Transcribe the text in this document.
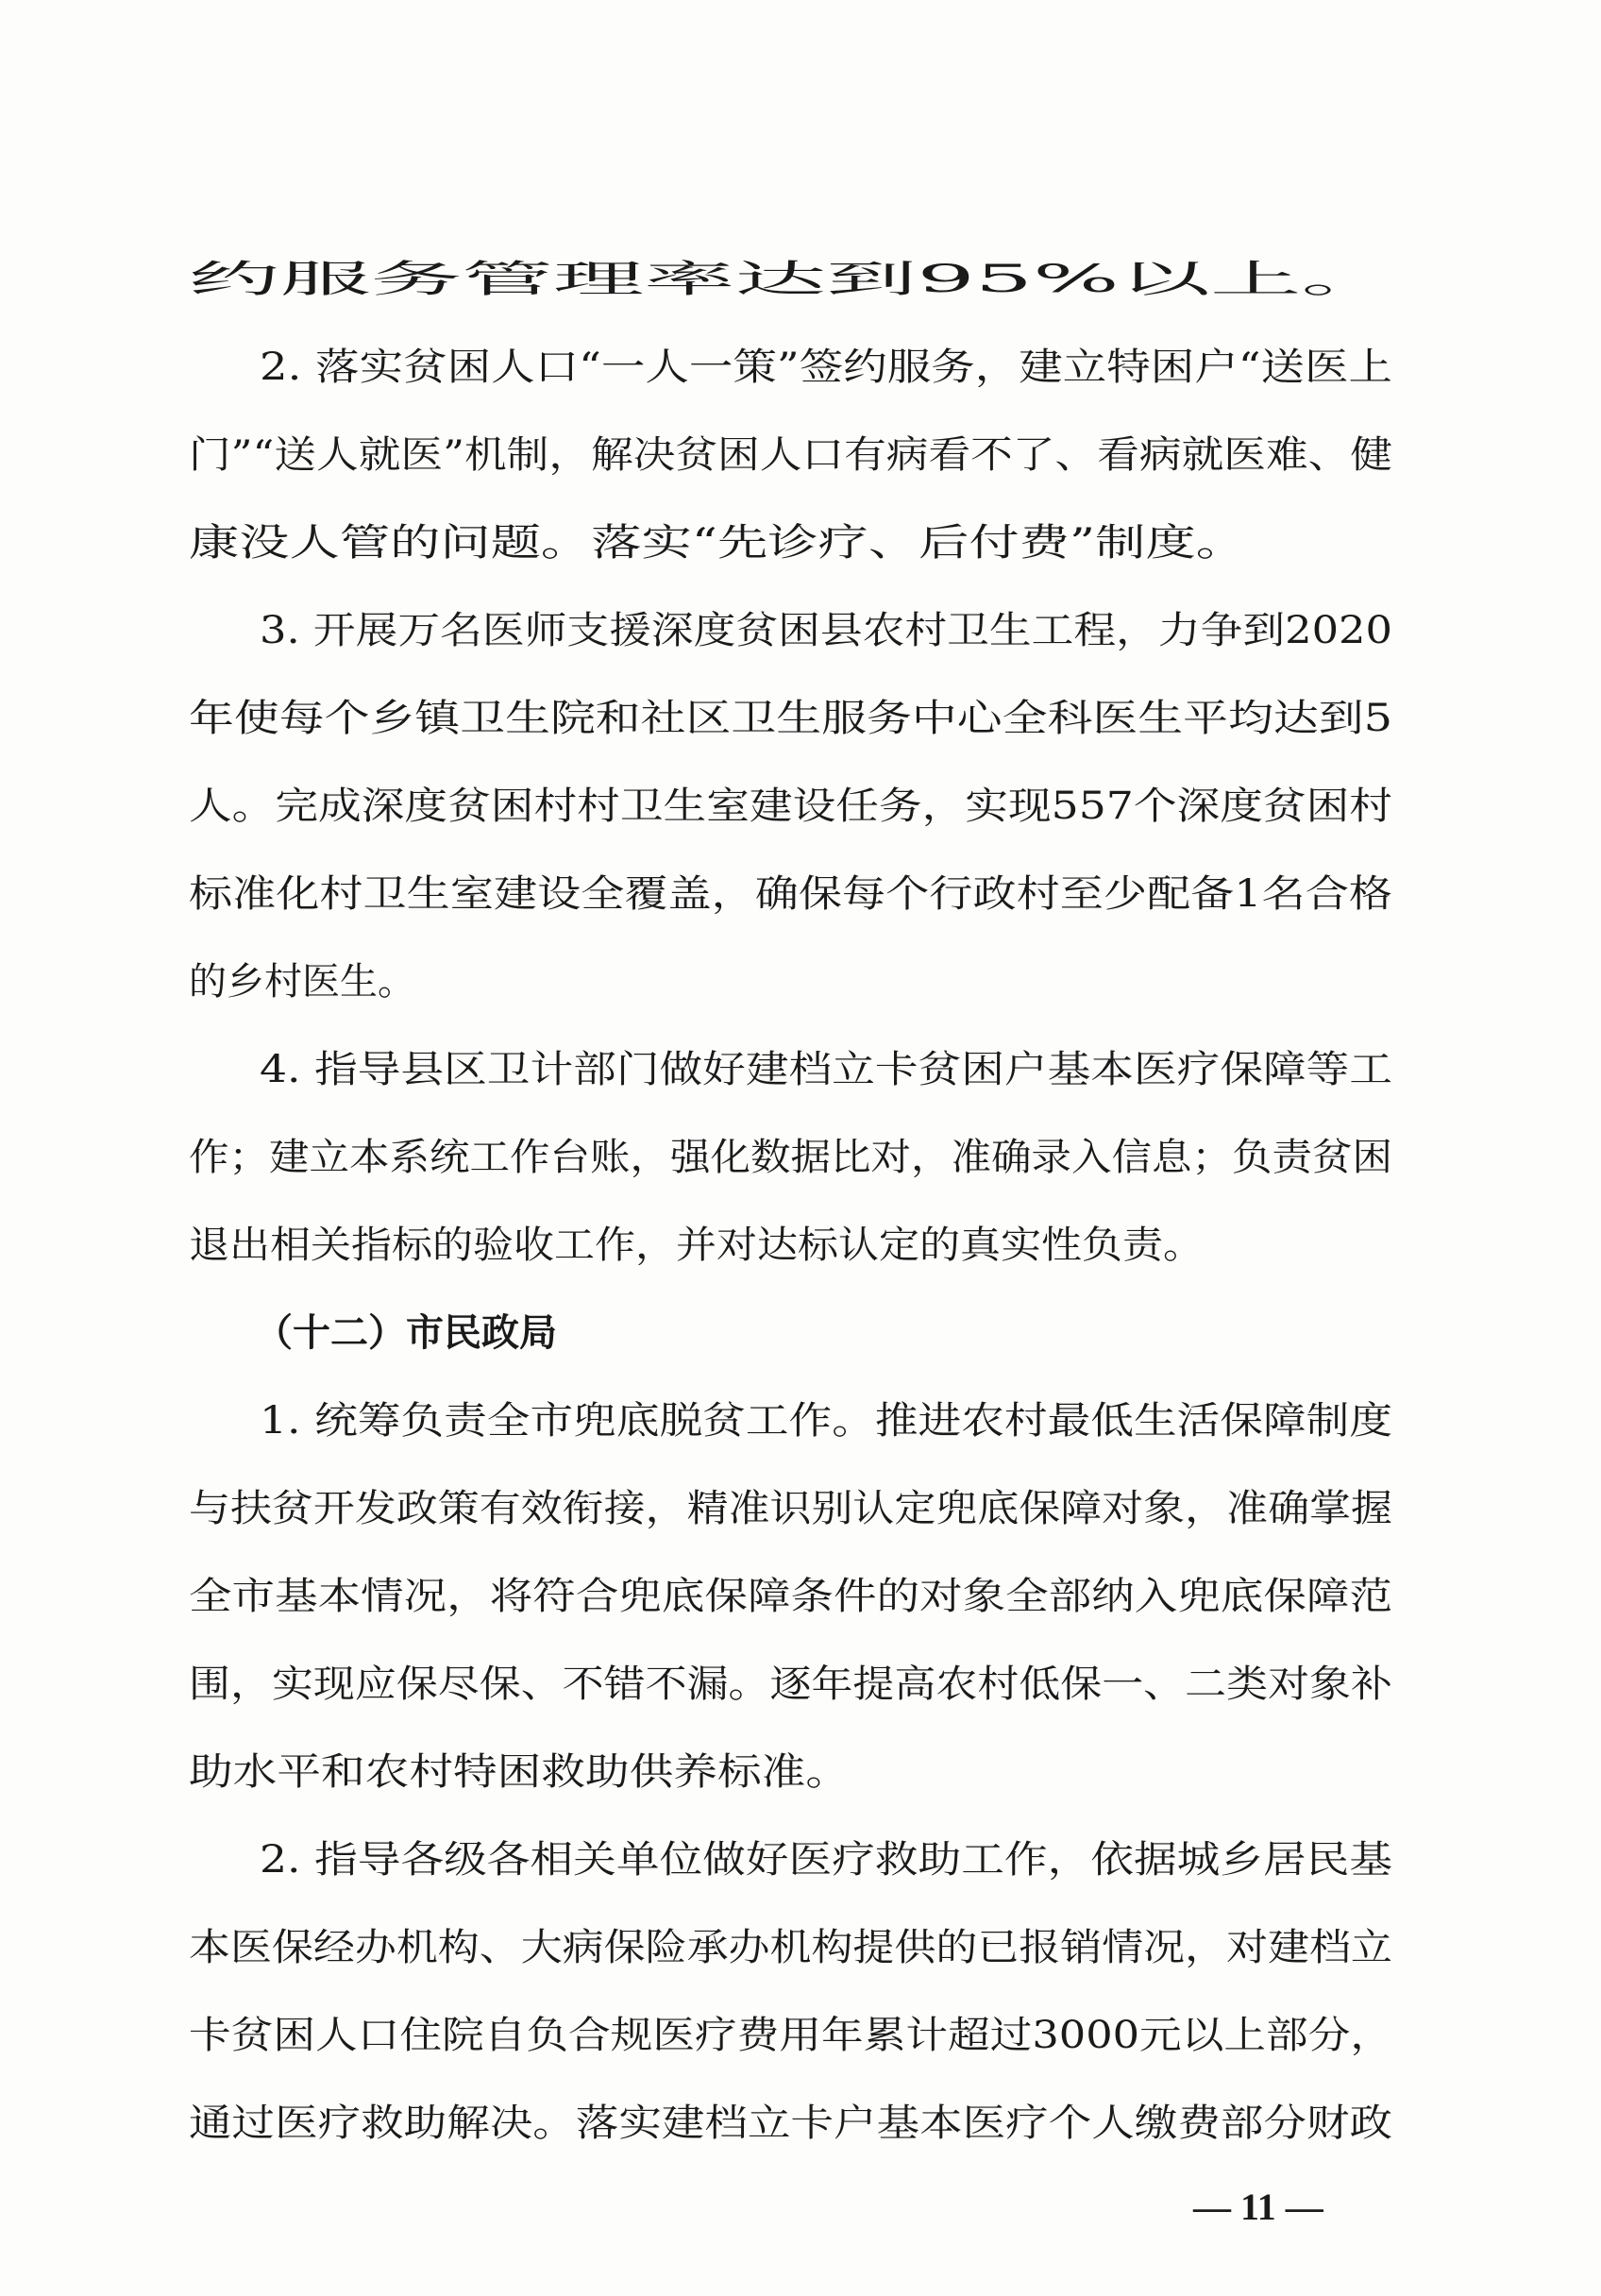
约服务管理率达到95%以上。
2. 落实贫困人口“一人一策”签约服务，建立特困户“送医上
门”“送人就医”机制，解决贫困人口有病看不了、看病就医难、健
康没人管的问题。落实“先诊疗、后付费”制度。
3. 开展万名医师支援深度贫困县农村卫生工程，力争到2020
年使每个乡镇卫生院和社区卫生服务中心全科医生平均达到5
人。完成深度贫困村村卫生室建设任务，实现557个深度贫困村
标准化村卫生室建设全覆盖，确保每个行政村至少配备1名合格
的乡村医生。
4. 指导县区卫计部门做好建档立卡贫困户基本医疗保障等工
作；建立本系统工作台账，强化数据比对，准确录入信息；负责贫困
退出相关指标的验收工作，并对达标认定的真实性负责。
（十二）市民政局
1. 统筹负责全市兜底脱贫工作。推进农村最低生活保障制度
与扶贫开发政策有效衔接，精准识别认定兜底保障对象，准确掌握
全市基本情况，将符合兜底保障条件的对象全部纳入兜底保障范
围，实现应保尽保、不错不漏。逐年提高农村低保一、二类对象补
助水平和农村特困救助供养标准。
2. 指导各级各相关单位做好医疗救助工作，依据城乡居民基
本医保经办机构、大病保险承办机构提供的已报销情况，对建档立
卡贫困人口住院自负合规医疗费用年累计超过3000元以上部分，
通过医疗救助解决。落实建档立卡户基本医疗个人缴费部分财政
— 11 —
